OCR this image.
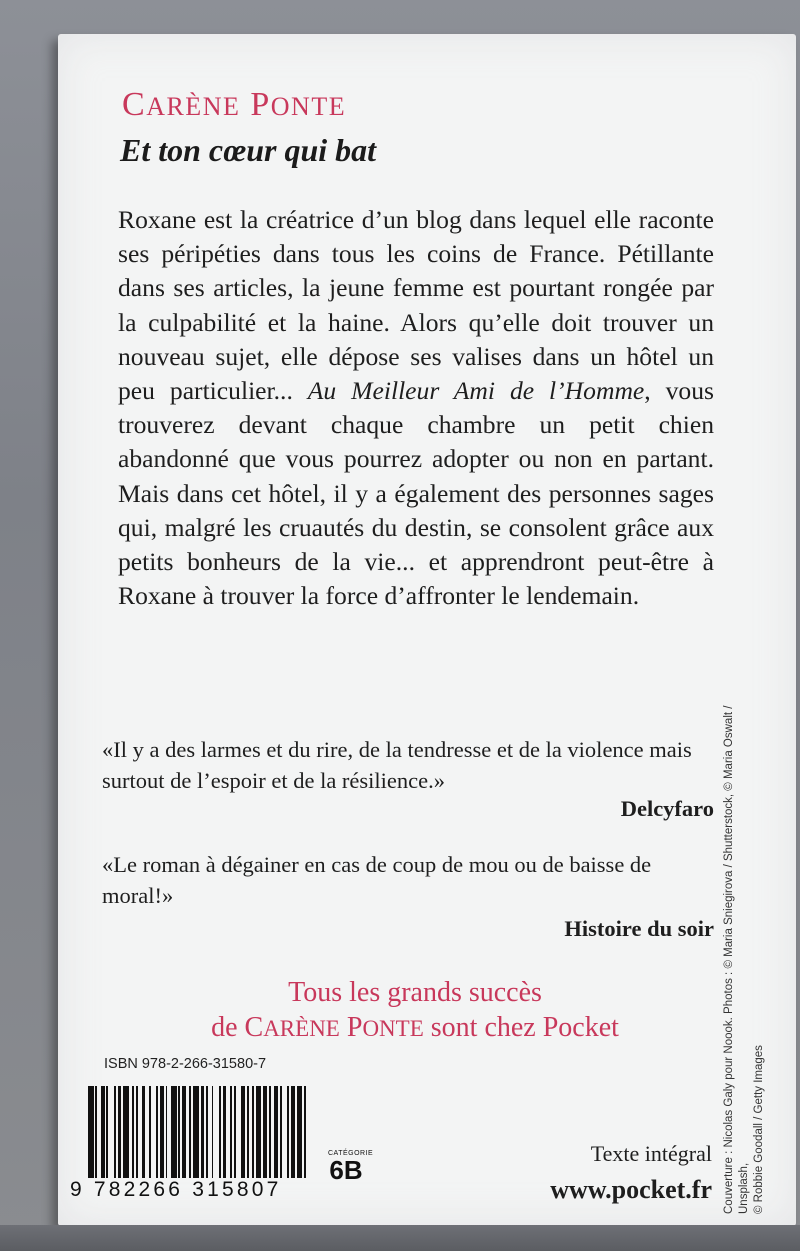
CARÈNE PONTE
Et ton cœur qui bat
Roxane est la créatrice d’un blog dans lequel elle raconte ses péripéties dans tous les coins de France. Pétillante dans ses articles, la jeune femme est pourtant rongée par la culpabilité et la haine. Alors qu’elle doit trouver un nouveau sujet, elle dépose ses valises dans un hôtel un peu particulier... Au Meilleur Ami de l’Homme, vous trouverez devant chaque chambre un petit chien abandonné que vous pourrez adopter ou non en partant. Mais dans cet hôtel, il y a également des personnes sages qui, malgré les cruautés du destin, se consolent grâce aux petits bonheurs de la vie... et apprendront peut-être à Roxane à trouver la force d’affronter le lendemain.
«Il y a des larmes et du rire, de la tendresse et de la violence mais surtout de l’espoir et de la résilience.»
Delcyfaro
«Le roman à dégainer en cas de coup de mou ou de baisse de moral!»
Histoire du soir
Tous les grands succès
de CARÈNE PONTE sont chez Pocket
ISBN 978-2-266-31580-7
9 782266 315807
CATÉGORIE
6B
Texte intégral
www.pocket.fr Couverture : Nicolas Galy pour Noook. Photos : © Maria Sniegirova / Shutterstock, © Maria Oswalt / Unsplash, © Robbie Goodall / Getty Images
